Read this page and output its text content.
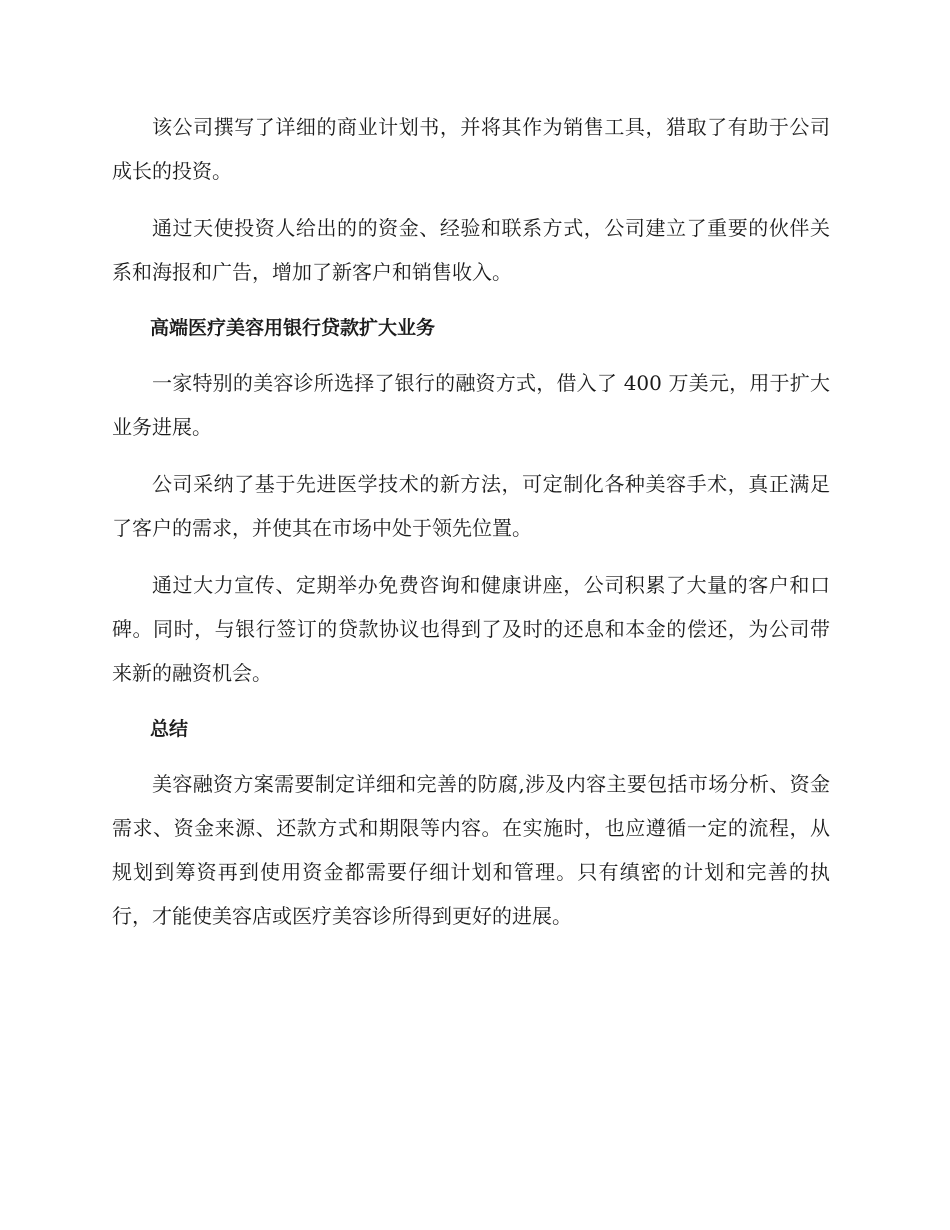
该公司撰写了详细的商业计划书，并将其作为销售工具，猎取了有助于公司成长的投资。

通过天使投资人给出的的资金、经验和联系方式，公司建立了重要的伙伴关系和海报和广告，增加了新客户和销售收入。

高端医疗美容用银行贷款扩大业务

一家特别的美容诊所选择了银行的融资方式，借入了 400 万美元，用于扩大业务进展。

公司采纳了基于先进医学技术的新方法，可定制化各种美容手术，真正满足了客户的需求，并使其在市场中处于领先位置。

通过大力宣传、定期举办免费咨询和健康讲座，公司积累了大量的客户和口碑。同时，与银行签订的贷款协议也得到了及时的还息和本金的偿还，为公司带来新的融资机会。

总结

美容融资方案需要制定详细和完善的防腐,涉及内容主要包括市场分析、资金需求、资金来源、还款方式和期限等内容。在实施时，也应遵循一定的流程，从规划到筹资再到使用资金都需要仔细计划和管理。只有缜密的计划和完善的执行，才能使美容店或医疗美容诊所得到更好的进展。
